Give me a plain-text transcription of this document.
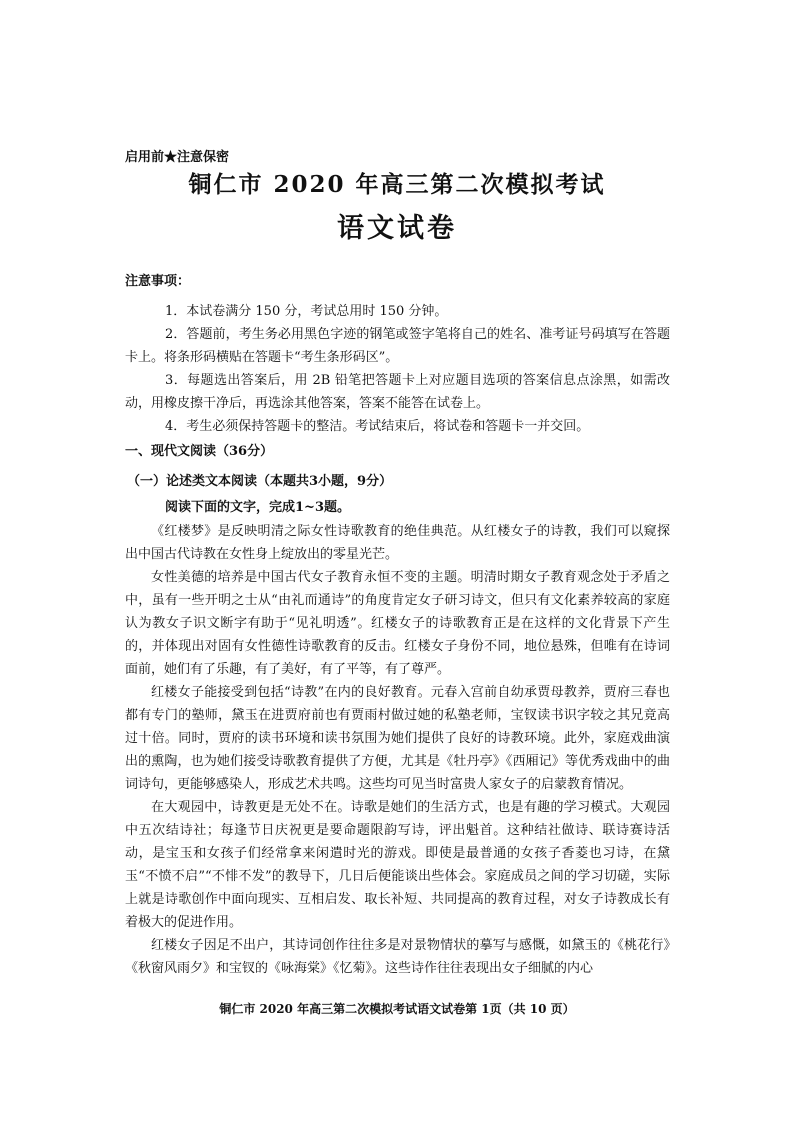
启用前★注意保密
铜仁市 2020 年高三第二次模拟考试
语文试卷
注意事项：

1．本试卷满分 150 分，考试总用时 150 分钟。

2．答题前，考生务必用黑色字迹的钢笔或签字笔将自己的姓名、准考证号码填写在答题卡上。将条形码横贴在答题卡“考生条形码区”。

3．每题选出答案后，用 2B 铅笔把答题卡上对应题目选项的答案信息点涂黑，如需改动，用橡皮擦干净后，再选涂其他答案，答案不能答在试卷上。

4．考生必须保持答题卡的整洁。考试结束后，将试卷和答题卡一并交回。

一、现代文阅读（36分）
（一）论述类文本阅读（本题共3小题，9分）
阅读下面的文字，完成1~3题。

《红楼梦》是反映明清之际女性诗歌教育的绝佳典范。从红楼女子的诗教，我们可以窥探出中国古代诗教在女性身上绽放出的零星光芒。

女性美德的培养是中国古代女子教育永恒不变的主题。明清时期女子教育观念处于矛盾之中，虽有一些开明之士从“由礼而通诗”的角度肯定女子研习诗文，但只有文化素养较高的家庭认为教女子识文断字有助于“见礼明透”。红楼女子的诗歌教育正是在这样的文化背景下产生的，并体现出对固有女性德性诗歌教育的反击。红楼女子身份不同，地位悬殊，但唯有在诗词面前，她们有了乐趣，有了美好，有了平等，有了尊严。

红楼女子能接受到包括“诗教”在内的良好教育。元春入宫前自幼承贾母教养，贾府三春也都有专门的塾师，黛玉在进贾府前也有贾雨村做过她的私塾老师，宝钗读书识字较之其兄竟高过十倍。同时，贾府的读书环境和读书氛围为她们提供了良好的诗教环境。此外，家庭戏曲演出的熏陶，也为她们接受诗歌教育提供了方便，尤其是《牡丹亭》《西厢记》等优秀戏曲中的曲词诗句，更能够感染人，形成艺术共鸣。这些均可见当时富贵人家女子的启蒙教育情况。

在大观园中，诗教更是无处不在。诗歌是她们的生活方式，也是有趣的学习模式。大观园中五次结诗社；每逢节日庆祝更是要命题限韵写诗，评出魁首。这种结社做诗、联诗赛诗活动，是宝玉和女孩子们经常拿来闲遣时光的游戏。即使是最普通的女孩子香菱也习诗，在黛玉“不愤不启”“不悱不发”的教导下，几日后便能谈出些体会。家庭成员之间的学习切磋，实际上就是诗歌创作中面向现实、互相启发、取长补短、共同提高的教育过程，对女子诗教成长有着极大的促进作用。

红楼女子因足不出户，其诗词创作往往多是对景物情状的摹写与感慨，如黛玉的《桃花行》《秋窗风雨夕》和宝钗的《咏海棠》《忆菊》。这些诗作往往表现出女子细腻的内心

铜仁市 2020 年高三第二次模拟考试语文试卷第 1页（共 10 页）
